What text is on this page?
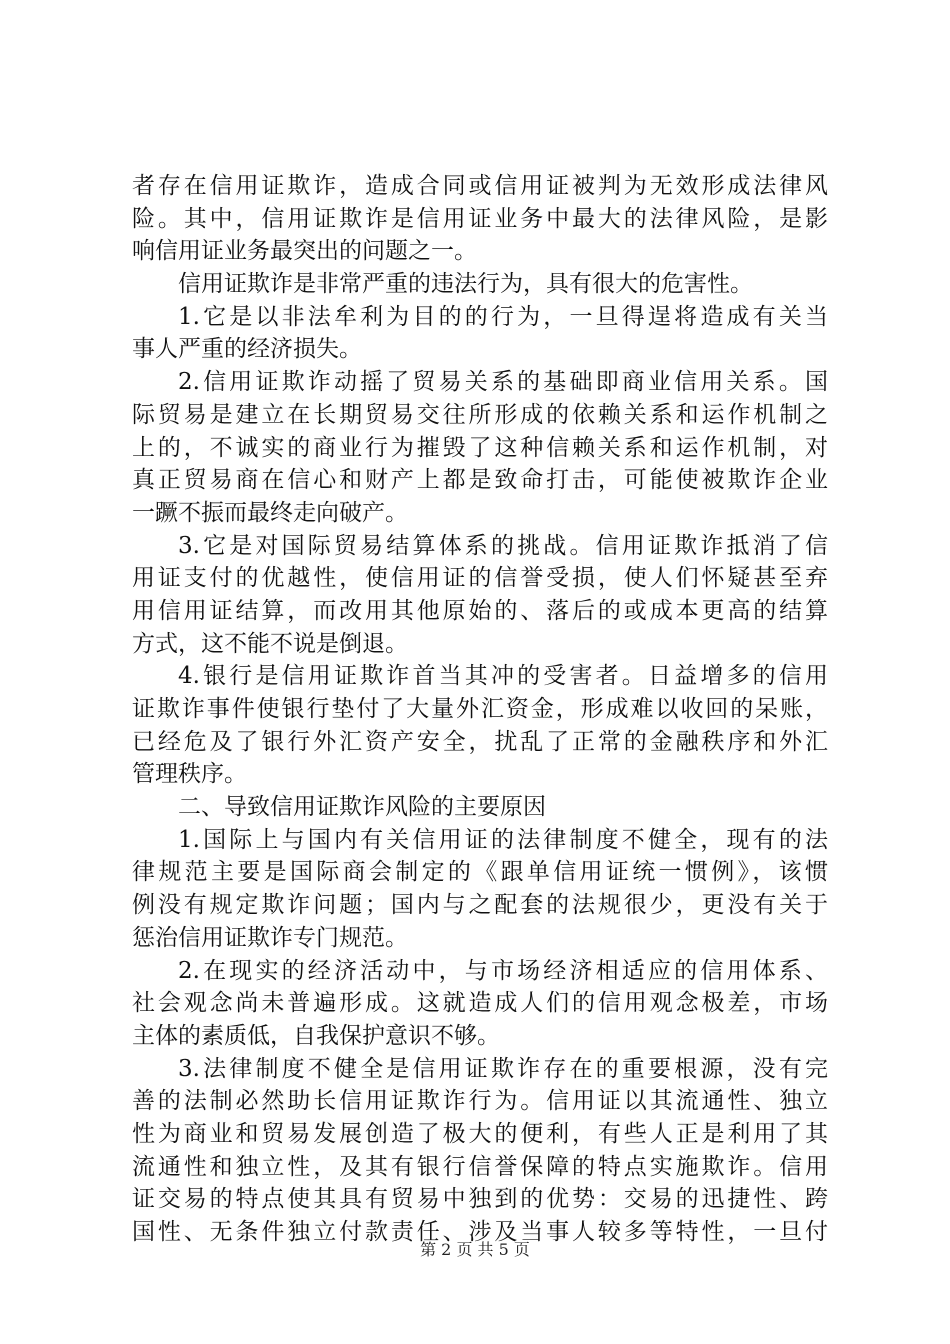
者存在信用证欺诈，造成合同或信用证被判为无效形成法律风
险。其中，信用证欺诈是信用证业务中最大的法律风险，是影
响信用证业务最突出的问题之一。
信用证欺诈是非常严重的违法行为，具有很大的危害性。
1.它是以非法牟利为目的的行为，一旦得逞将造成有关当
事人严重的经济损失。
2.信用证欺诈动摇了贸易关系的基础即商业信用关系。国
际贸易是建立在长期贸易交往所形成的依赖关系和运作机制之
上的，不诚实的商业行为摧毁了这种信赖关系和运作机制，对
真正贸易商在信心和财产上都是致命打击，可能使被欺诈企业
一蹶不振而最终走向破产。
3.它是对国际贸易结算体系的挑战。信用证欺诈抵消了信
用证支付的优越性，使信用证的信誉受损，使人们怀疑甚至弃
用信用证结算，而改用其他原始的、落后的或成本更高的结算
方式，这不能不说是倒退。
4.银行是信用证欺诈首当其冲的受害者。日益增多的信用
证欺诈事件使银行垫付了大量外汇资金，形成难以收回的呆账，
已经危及了银行外汇资产安全，扰乱了正常的金融秩序和外汇
管理秩序。
二、导致信用证欺诈风险的主要原因
1.国际上与国内有关信用证的法律制度不健全，现有的法
律规范主要是国际商会制定的《跟单信用证统一惯例》，该惯
例没有规定欺诈问题；国内与之配套的法规很少，更没有关于
惩治信用证欺诈专门规范。
2.在现实的经济活动中，与市场经济相适应的信用体系、
社会观念尚未普遍形成。这就造成人们的信用观念极差，市场
主体的素质低，自我保护意识不够。
3.法律制度不健全是信用证欺诈存在的重要根源，没有完
善的法制必然助长信用证欺诈行为。信用证以其流通性、独立
性为商业和贸易发展创造了极大的便利，有些人正是利用了其
流通性和独立性，及其有银行信誉保障的特点实施欺诈。信用
证交易的特点使其具有贸易中独到的优势：交易的迅捷性、跨
国性、无条件独立付款责任、涉及当事人较多等特性，一旦付
第 2 页 共 5 页
